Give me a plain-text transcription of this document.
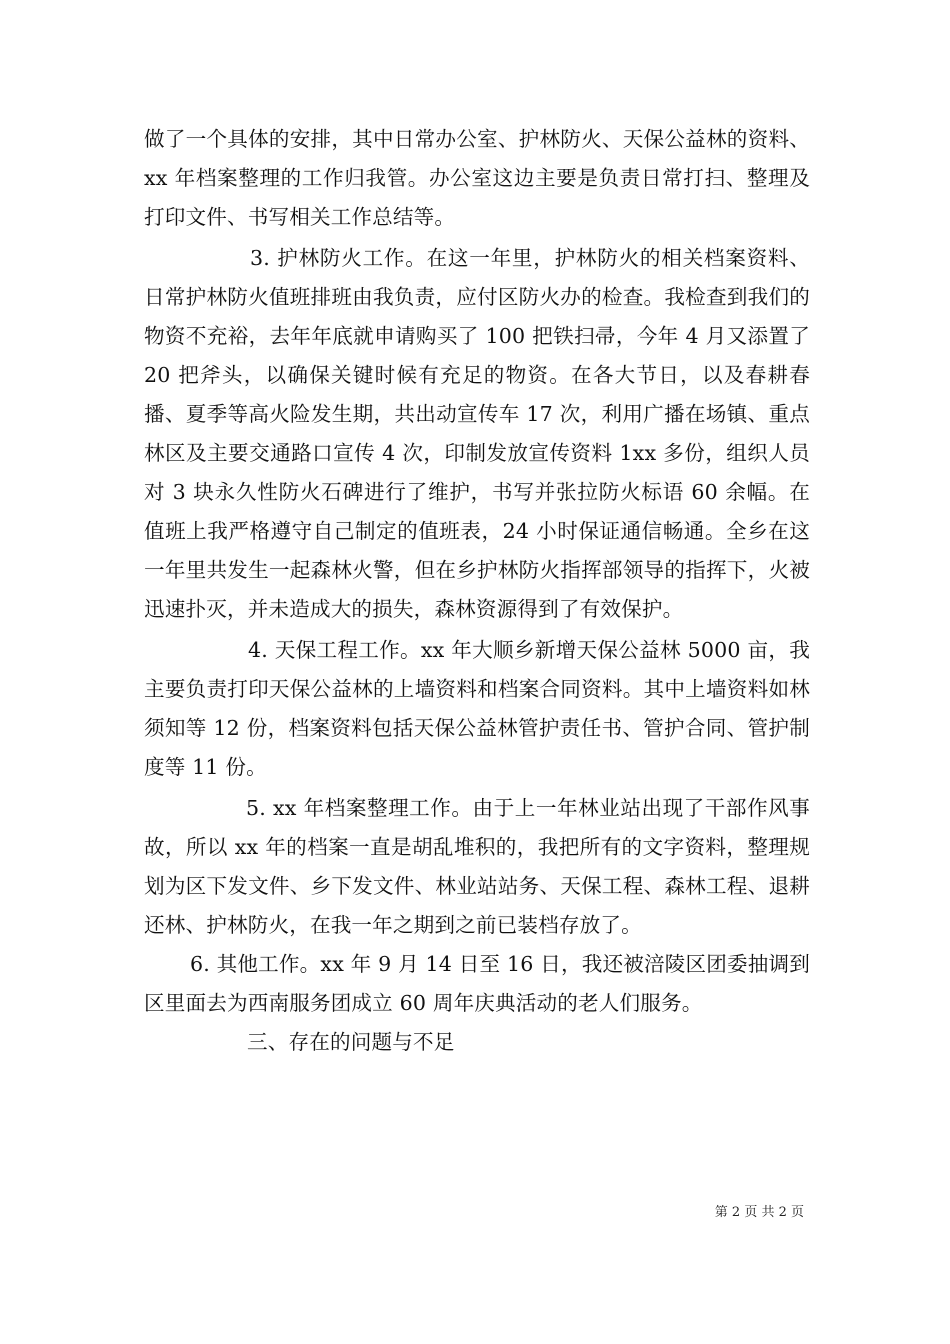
做了一个具体的安排，其中日常办公室、护林防火、天保公益林的资料、xx 年档案整理的工作归我管。办公室这边主要是负责日常打扫、整理及打印文件、书写相关工作总结等。

3. 护林防火工作。在这一年里，护林防火的相关档案资料、日常护林防火值班排班由我负责，应付区防火办的检查。我检查到我们的物资不充裕，去年年底就申请购买了 100 把铁扫帚，今年 4 月又添置了 20 把斧头，以确保关键时候有充足的物资。在各大节日，以及春耕春播、夏季等高火险发生期，共出动宣传车 17 次，利用广播在场镇、重点林区及主要交通路口宣传 4 次，印制发放宣传资料 1xx 多份，组织人员对 3 块永久性防火石碑进行了维护，书写并张拉防火标语 60 余幅。在值班上我严格遵守自己制定的值班表，24 小时保证通信畅通。全乡在这一年里共发生一起森林火警，但在乡护林防火指挥部领导的指挥下，火被迅速扑灭，并未造成大的损失，森林资源得到了有效保护。

4. 天保工程工作。xx 年大顺乡新增天保公益林 5000 亩，我主要负责打印天保公益林的上墙资料和档案合同资料。其中上墙资料如林须知等 12 份，档案资料包括天保公益林管护责任书、管护合同、管护制度等 11 份。

5. xx 年档案整理工作。由于上一年林业站出现了干部作风事故，所以 xx 年的档案一直是胡乱堆积的，我把所有的文字资料，整理规划为区下发文件、乡下发文件、林业站站务、天保工程、森林工程、退耕还林、护林防火，在我一年之期到之前已装档存放了。

6. 其他工作。xx 年 9 月 14 日至 16 日，我还被涪陵区团委抽调到区里面去为西南服务团成立 60 周年庆典活动的老人们服务。

三、存在的问题与不足

第 2 页 共 2 页
